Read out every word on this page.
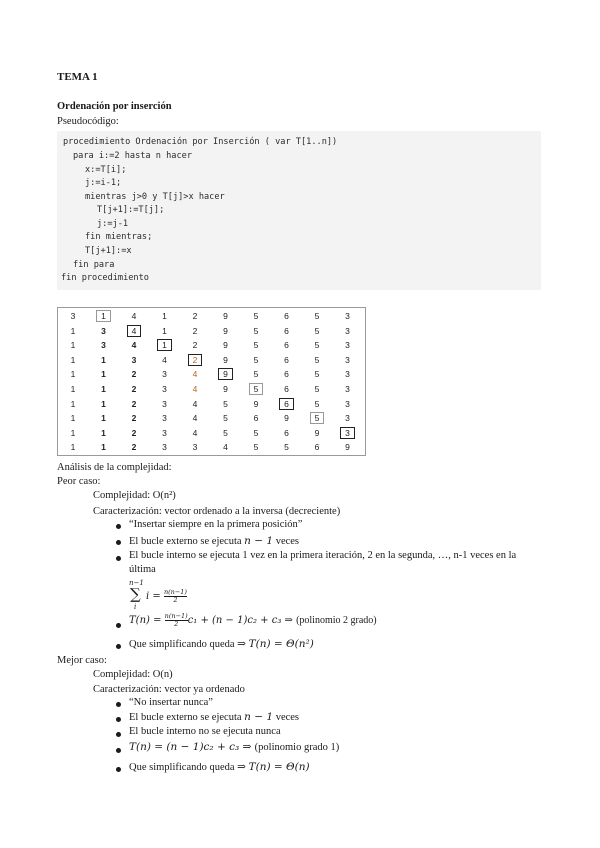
TEMA 1
Ordenación por inserción
Pseudocódigo:
procedimiento Ordenación por Inserción ( var T[1..n])
para i:=2 hasta n hacer
x:=T[i];
j:=i-1;
mientras j>0 y T[j]>x hacer
T[j+1]:=T[j];
j:=j-1
fin mientras;
T[j+1]:=x
fin para
fin procedimiento
3	1	4	1	2	9	5	6	5	3
1	3	4	1	2	9	5	6	5	3
1	3	4	1	2	9	5	6	5	3
1	1	3	4	2	9	5	6	5	3
1	1	2	3	4	9	5	6	5	3
1	1	2	3	4	9	5	6	5	3
1	1	2	3	4	5	9	6	5	3
1	1	2	3	4	5	6	9	5	3
1	1	2	3	4	5	5	6	9	3
1	1	2	3	3	4	5	5	6	9
Análisis de la complejidad:
Peor caso:
Complejidad: O(n²)
Caracterización: vector ordenado a la inversa (decreciente)
“Insertar siempre en la primera posición”
El bucle externo se ejecuta n − 1 veces
El bucle interno se ejecuta 1 vez en la primera iteración, 2 en la segunda, …, n-1 veces en la
última
n−1
∑
i
$i = \frac{n(n-1)}{2}$
$T(n) = \frac{n(n-1)}{2} c_1 + (n - 1)c_2 + c_3$ ⇒ (polinomio 2 grado)
Que simplificando queda ⇒ T(n) = Θ(n²)
Mejor caso:
Complejidad: O(n)
Caracterización: vector ya ordenado
“No insertar nunca”
El bucle externo se ejecuta n − 1 veces
El bucle interno no se ejecuta nunca
T(n) = (n − 1)c₂ + c₃ ⇒ (polinomio grado 1)
Que simplificando queda ⇒ T(n) = Θ(n)
